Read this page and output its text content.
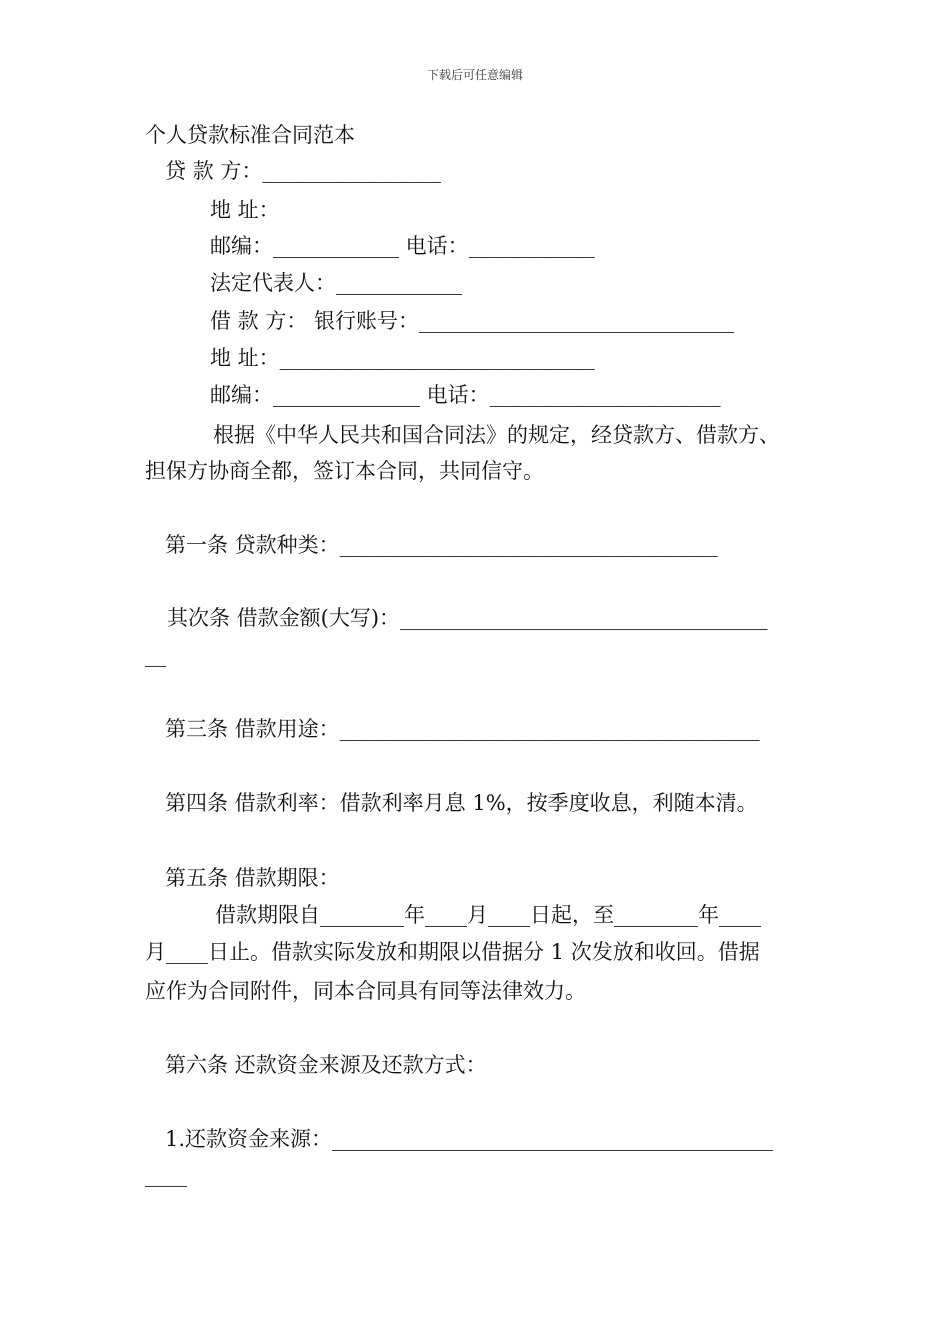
下载后可任意编辑
个人贷款标准合同范本
贷 款 方：_________________
地 址：
邮编：____________ 电话：____________
法定代表人：____________
借 款 方： 银行账号：______________________________
地 址：______________________________
邮编：______________ 电话：______________________
根据《中华人民共和国合同法》的规定，经贷款方、借款方、
担保方协商全都，签订本合同，共同信守。
第一条 贷款种类：____________________________________
其次条 借款金额(大写)：___________________________________
__
第三条 借款用途：________________________________________
第四条 借款利率：借款利率月息 1%，按季度收息，利随本清。
第五条 借款期限：
借款期限自________年____月____日起，至________年____
月____日止。借款实际发放和期限以借据分 1 次发放和收回。借据
应作为合同附件，同本合同具有同等法律效力。
第六条 还款资金来源及还款方式：
1.还款资金来源：__________________________________________
____
